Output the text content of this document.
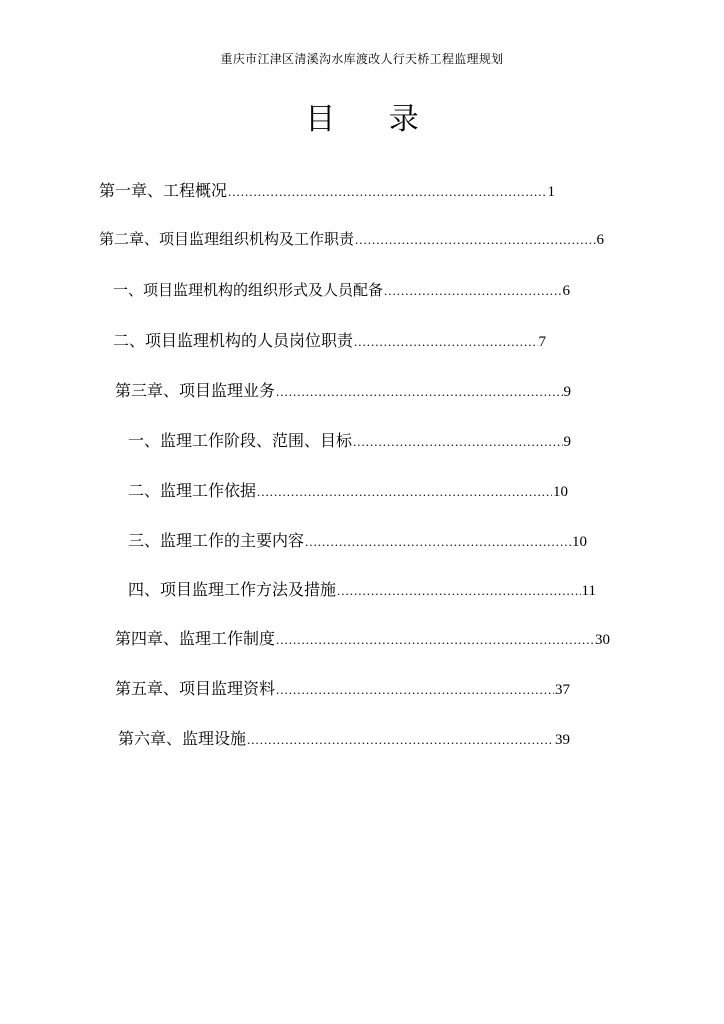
重庆市江津区清溪沟水库渡改人行天桥工程监理规划
目 录
第一章、工程概况 .....	1
第二章、项目监理组织机构及工作职责 .....	6
一、项目监理机构的组织形式及人员配备 .....	6
二、项目监理机构的人员岗位职责 .....	7
第三章、项目监理业务 .....	9
一、监理工作阶段、范围、目标 .....	9
二、监理工作依据 .....	10
三、监理工作的主要内容 .....	10
四、项目监理工作方法及措施 .....	11
第四章、监理工作制度 .....	30
第五章、项目监理资料 .....	37
第六章、监理设施 .....	39
